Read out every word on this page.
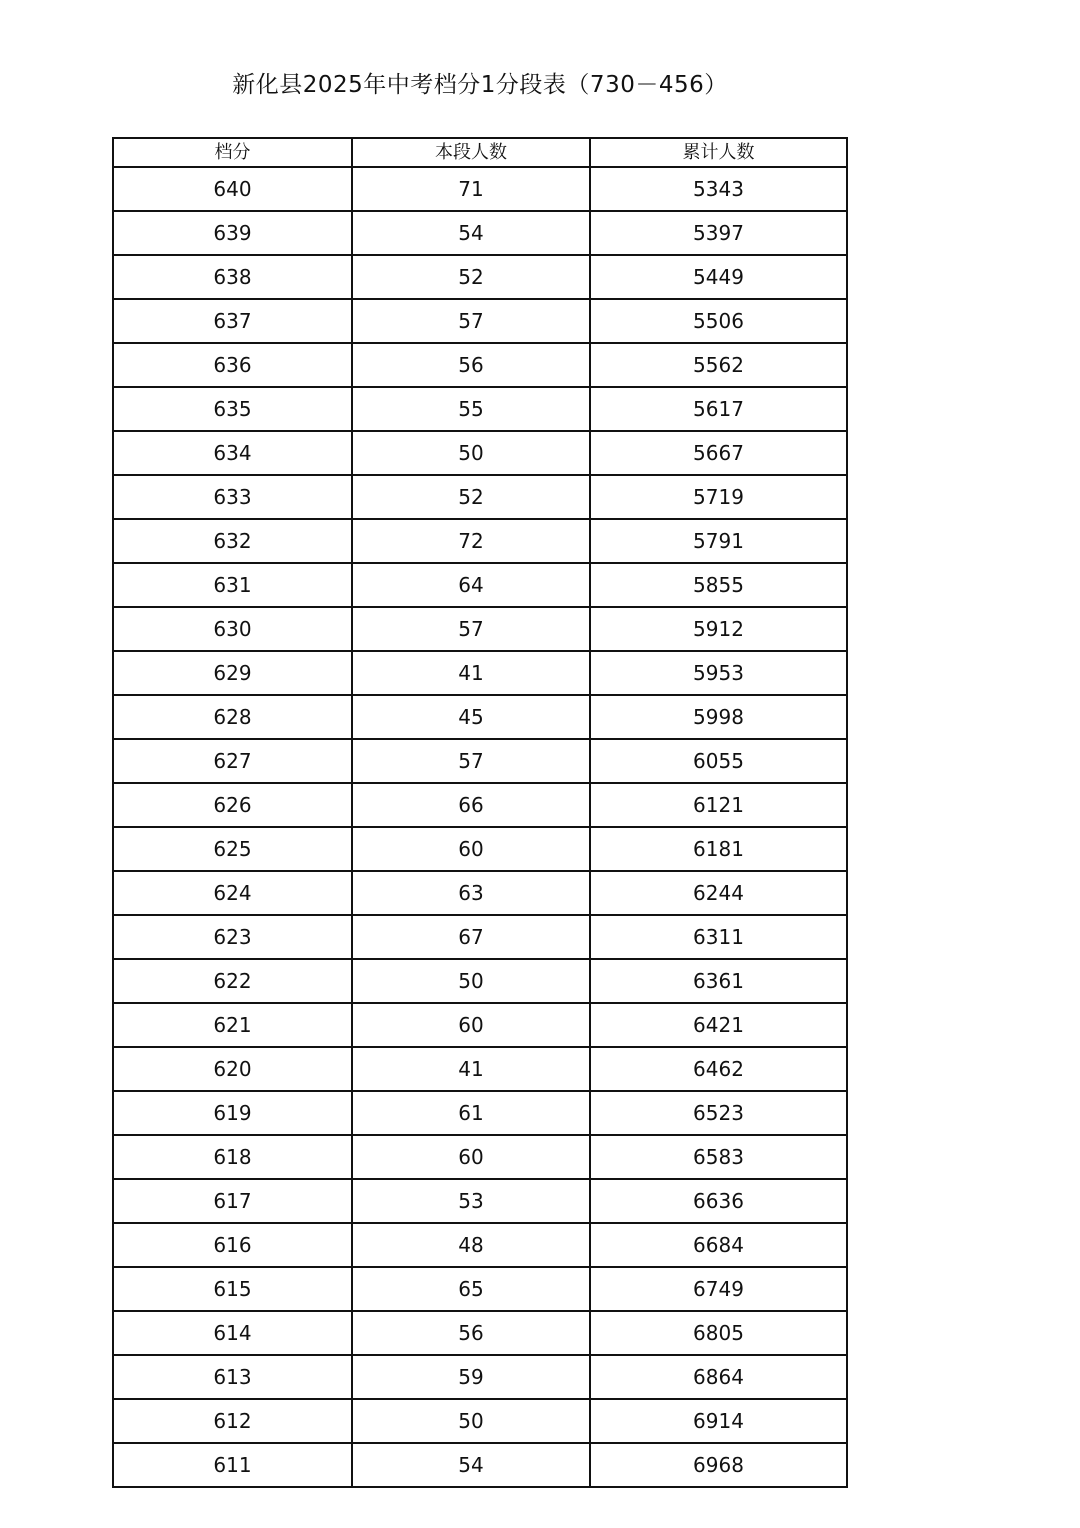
新化县2025年中考档分1分段表（730－456）
档分	本段人数	累计人数
640	71	5343
639	54	5397
638	52	5449
637	57	5506
636	56	5562
635	55	5617
634	50	5667
633	52	5719
632	72	5791
631	64	5855
630	57	5912
629	41	5953
628	45	5998
627	57	6055
626	66	6121
625	60	6181
624	63	6244
623	67	6311
622	50	6361
621	60	6421
620	41	6462
619	61	6523
618	60	6583
617	53	6636
616	48	6684
615	65	6749
614	56	6805
613	59	6864
612	50	6914
611	54	6968
